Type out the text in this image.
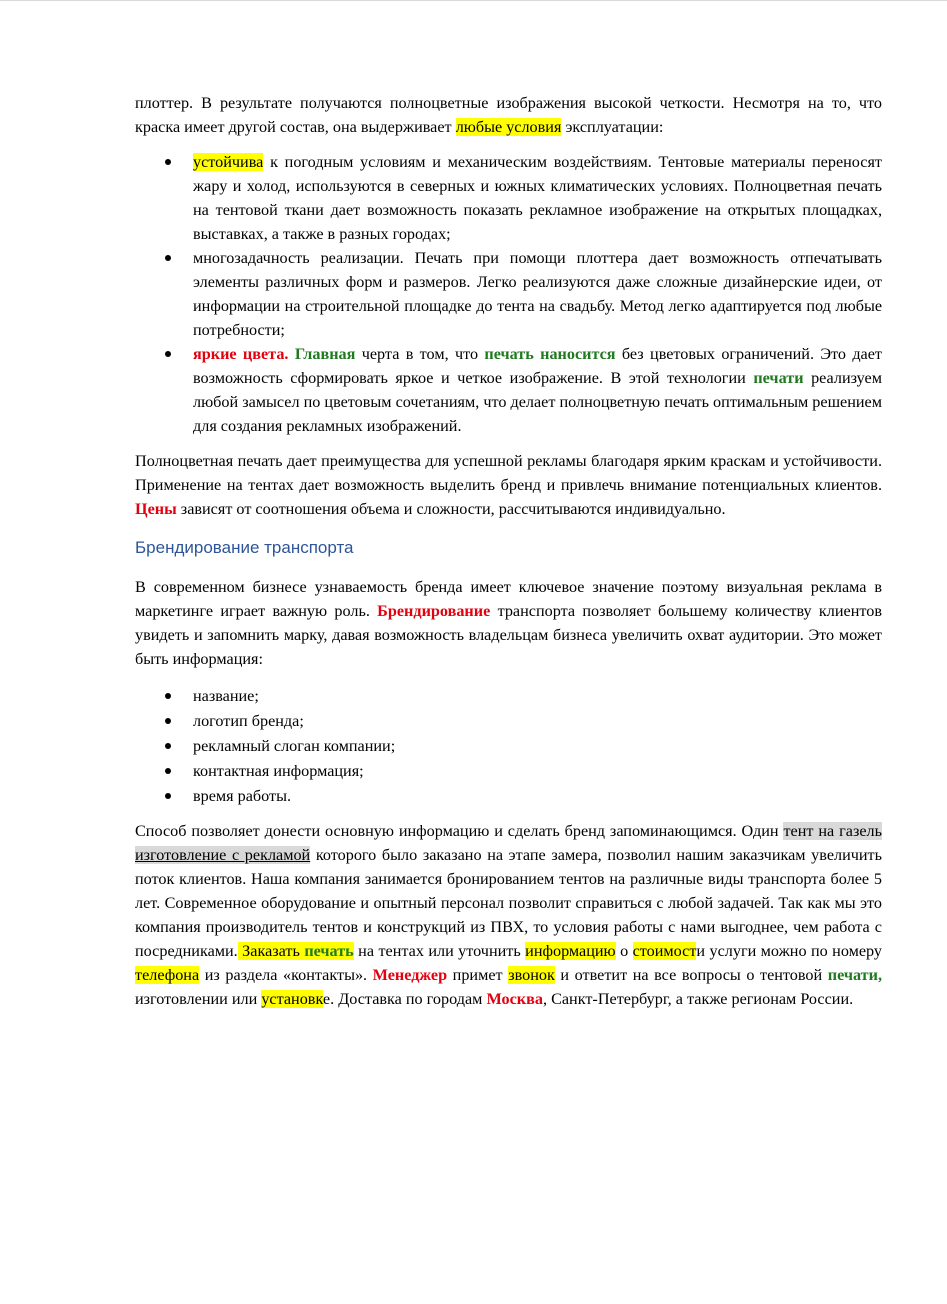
плоттер. В результате получаются полноцветные изображения высокой четкости. Несмотря на то, что краска имеет другой состав, она выдерживает любые условия эксплуатации:

устойчива к погодным условиям и механическим воздействиям. Тентовые материалы переносят жару и холод, используются в северных и южных климатических условиях. Полноцветная печать на тентовой ткани дает возможность показать рекламное изображение на открытых площадках, выставках, а также в разных городах;
многозадачность реализации. Печать при помощи плоттера дает возможность отпечатывать элементы различных форм и размеров. Легко реализуются даже сложные дизайнерские идеи, от информации на строительной площадке до тента на свадьбу. Метод легко адаптируется под любые потребности;
яркие цвета. Главная черта в том, что печать наносится без цветовых ограничений. Это дает возможность сформировать яркое и четкое изображение. В этой технологии печати реализуем любой замысел по цветовым сочетаниям, что делает полноцветную печать оптимальным решением для создания рекламных изображений.

Полноцветная печать дает преимущества для успешной рекламы благодаря ярким краскам и устойчивости. Применение на тентах дает возможность выделить бренд и привлечь внимание потенциальных клиентов. Цены зависят от соотношения объема и сложности, рассчитываются индивидуально.

Брендирование транспорта

В современном бизнесе узнаваемость бренда имеет ключевое значение поэтому визуальная реклама в маркетинге играет важную роль. Брендирование транспорта позволяет большему количеству клиентов увидеть и запомнить марку, давая возможность владельцам бизнеса увеличить охват аудитории. Это может быть информация:

название;
логотип бренда;
рекламный слоган компании;
контактная информация;
время работы.

Способ позволяет донести основную информацию и сделать бренд запоминающимся. Один тент на газель изготовление с рекламой которого было заказано на этапе замера, позволил нашим заказчикам увеличить поток клиентов. Наша компания занимается бронированием тентов на различные виды транспорта более 5 лет. Современное оборудование и опытный персонал позволит справиться с любой задачей. Так как мы это компания производитель тентов и конструкций из ПВХ, то условия работы с нами выгоднее, чем работа с посредниками. Заказать печать на тентах или уточнить информацию о стоимости услуги можно по номеру телефона из раздела «контакты». Менеджер примет звонок и ответит на все вопросы о тентовой печати, изготовлении или установке. Доставка по городам Москва, Санкт-Петербург, а также регионам России.
